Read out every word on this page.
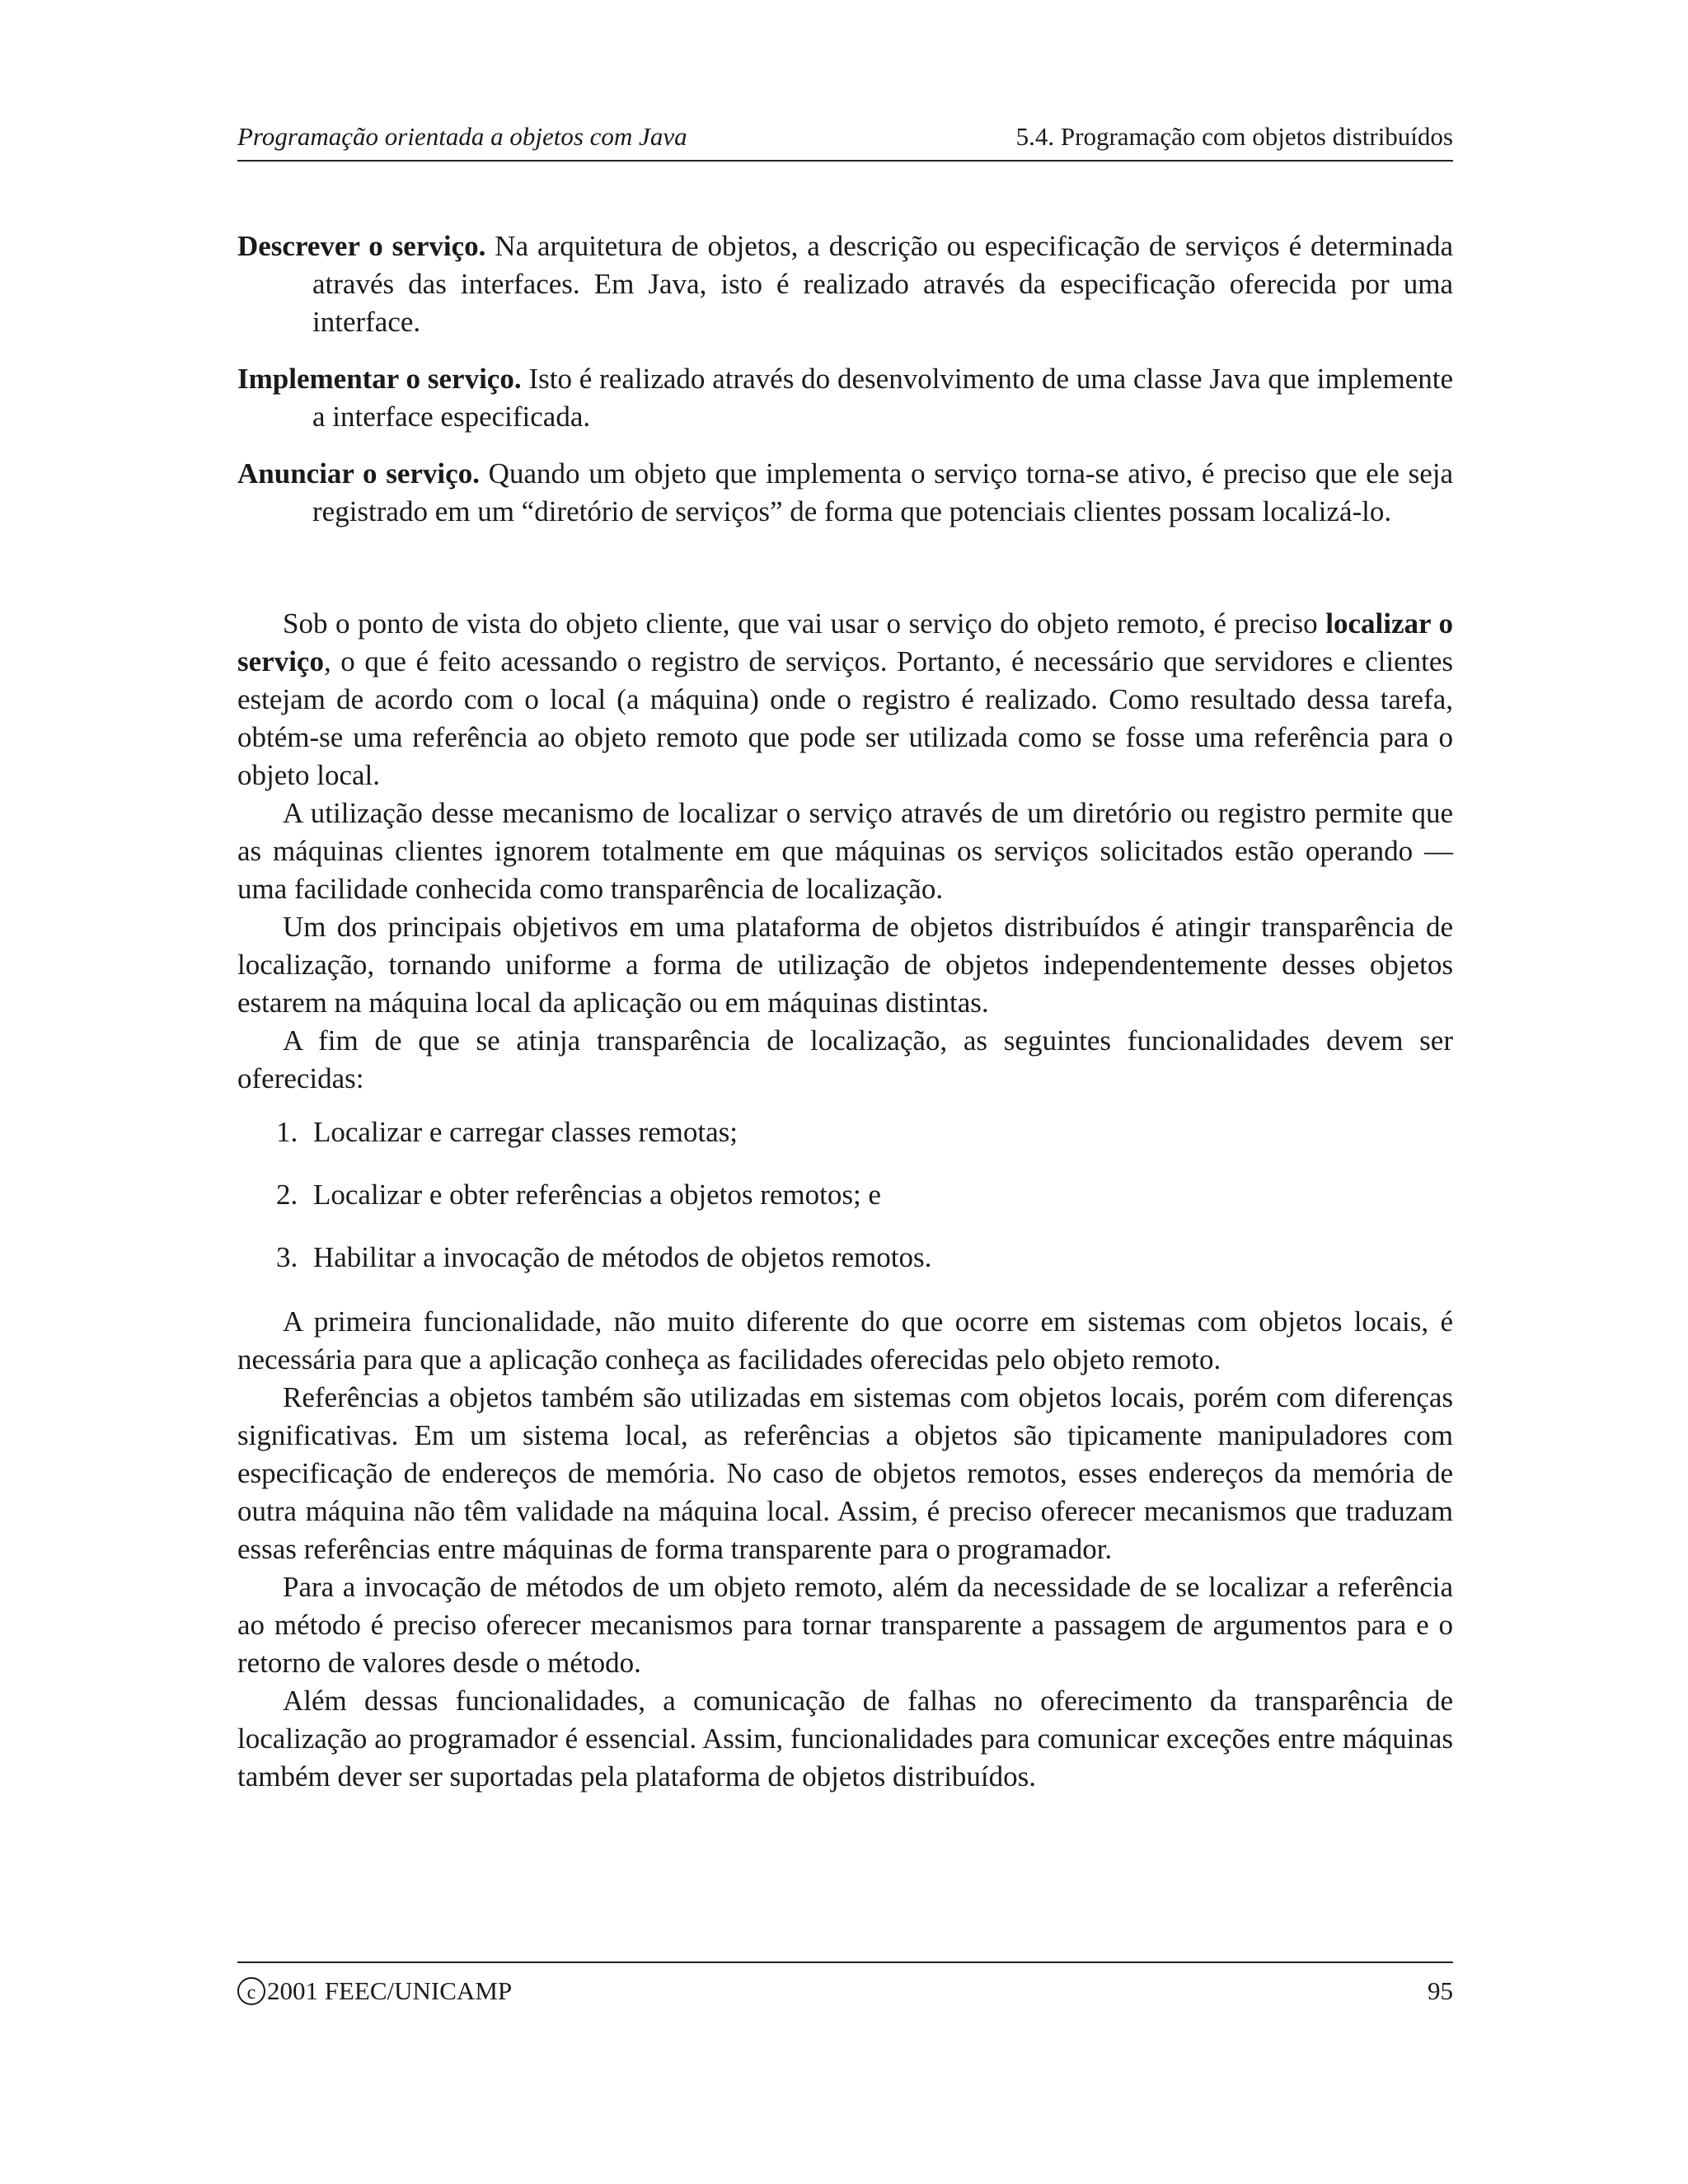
Programação orientada a objetos com Java	5.4. Programação com objetos distribuídos

Descrever o serviço. Na arquitetura de objetos, a descrição ou especificação de serviços é determinada através das interfaces. Em Java, isto é realizado através da especificação oferecida por uma interface.

Implementar o serviço. Isto é realizado através do desenvolvimento de uma classe Java que implemente a interface especificada.

Anunciar o serviço. Quando um objeto que implementa o serviço torna-se ativo, é preciso que ele seja registrado em um “diretório de serviços” de forma que potenciais clientes possam localizá-lo.

Sob o ponto de vista do objeto cliente, que vai usar o serviço do objeto remoto, é preciso localizar o serviço, o que é feito acessando o registro de serviços. Portanto, é necessário que servidores e clientes estejam de acordo com o local (a máquina) onde o registro é realizado. Como resultado dessa tarefa, obtém-se uma referência ao objeto remoto que pode ser utilizada como se fosse uma referência para o objeto local.

A utilização desse mecanismo de localizar o serviço através de um diretório ou registro permite que as máquinas clientes ignorem totalmente em que máquinas os serviços solicitados estão operando — uma facilidade conhecida como transparência de localização.

Um dos principais objetivos em uma plataforma de objetos distribuídos é atingir transparência de localização, tornando uniforme a forma de utilização de objetos independentemente desses objetos estarem na máquina local da aplicação ou em máquinas distintas.

A fim de que se atinja transparência de localização, as seguintes funcionalidades devem ser oferecidas:

1. Localizar e carregar classes remotas;
2. Localizar e obter referências a objetos remotos; e
3. Habilitar a invocação de métodos de objetos remotos.

A primeira funcionalidade, não muito diferente do que ocorre em sistemas com objetos locais, é necessária para que a aplicação conheça as facilidades oferecidas pelo objeto remoto.

Referências a objetos também são utilizadas em sistemas com objetos locais, porém com diferenças significativas. Em um sistema local, as referências a objetos são tipicamente manipuladores com especificação de endereços de memória. No caso de objetos remotos, esses endereços da memória de outra máquina não têm validade na máquina local. Assim, é preciso oferecer mecanismos que traduzam essas referências entre máquinas de forma transparente para o programador.

Para a invocação de métodos de um objeto remoto, além da necessidade de se localizar a referência ao método é preciso oferecer mecanismos para tornar transparente a passagem de argumentos para e o retorno de valores desde o método.

Além dessas funcionalidades, a comunicação de falhas no oferecimento da transparência de localização ao programador é essencial. Assim, funcionalidades para comunicar exceções entre máquinas também dever ser suportadas pela plataforma de objetos distribuídos.

c 2001 FEEC/UNICAMP	95
